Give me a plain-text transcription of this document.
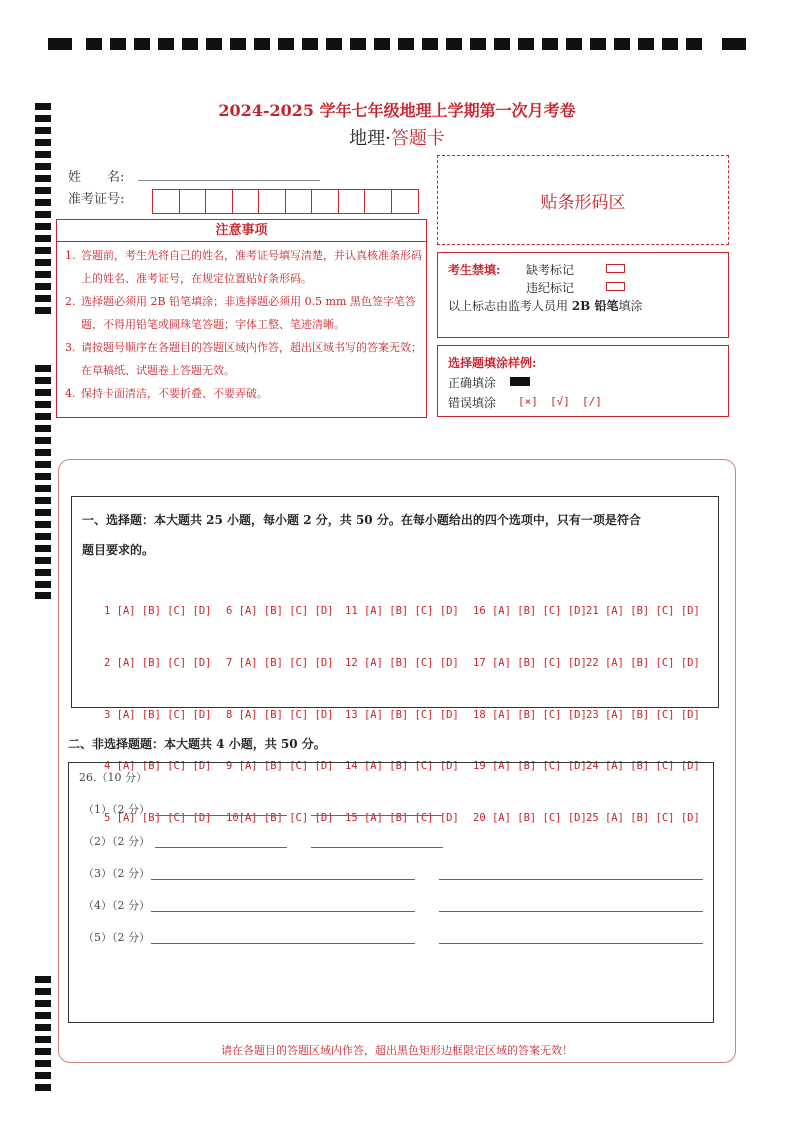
2024-2025 学年七年级地理上学期第一次月考卷
地理·答题卡
姓　　名:
准考证号:	贴条形码区
注意事项
1. 答题前，考生先将自己的姓名，准考证号填写清楚，并认真核准条形码上的姓名、准考证号，在规定位置贴好条形码。
2. 选择题必须用 2B 铅笔填涂；非选择题必须用 0.5 mm 黑色签字笔答题，不得用铅笔或圆珠笔答题；字体工整、笔迹清晰。
3. 请按题号顺序在各题目的答题区域内作答，超出区域书写的答案无效；在草稿纸、试题卷上答题无效。
4. 保持卡面清洁，不要折叠、不要弄破。
考生禁填: 缺考标记
违纪标记
以上标志由监考人员用 2B 铅笔填涂
选择题填涂样例:
正确填涂
错误填涂 [×] [√] [/]
一、选择题：本大题共 25 小题，每小题 2 分，共 50 分。在每小题给出的四个选项中，只有一项是符合
题目要求的。

1 [A] [B] [C] [D]

2 [A] [B] [C] [D]

3 [A] [B] [C] [D]

4 [A] [B] [C] [D]

5 [A] [B] [C] [D]

6 [A] [B] [C] [D]

7 [A] [B] [C] [D]

8 [A] [B] [C] [D]

9 [A] [B] [C] [D]

10[A] [B] [C] [D]

11 [A] [B] [C] [D]

12 [A] [B] [C] [D]

13 [A] [B] [C] [D]

14 [A] [B] [C] [D]

15 [A] [B] [C] [D]

16 [A] [B] [C] [D]

17 [A] [B] [C] [D]

18 [A] [B] [C] [D]

19 [A] [B] [C] [D]

20 [A] [B] [C] [D]

21 [A] [B] [C] [D]

22 [A] [B] [C] [D]

23 [A] [B] [C] [D]

24 [A] [B] [C] [D]

25 [A] [B] [C] [D]

二、非选择题题：本大题共 4 小题，共 50 分。
26.（10 分）
（1）（2 分）
（2）（2 分）
（3）（2 分）
（4）（2 分）
（5）（2 分）
请在各题目的答题区域内作答，超出黑色矩形边框限定区域的答案无效！
